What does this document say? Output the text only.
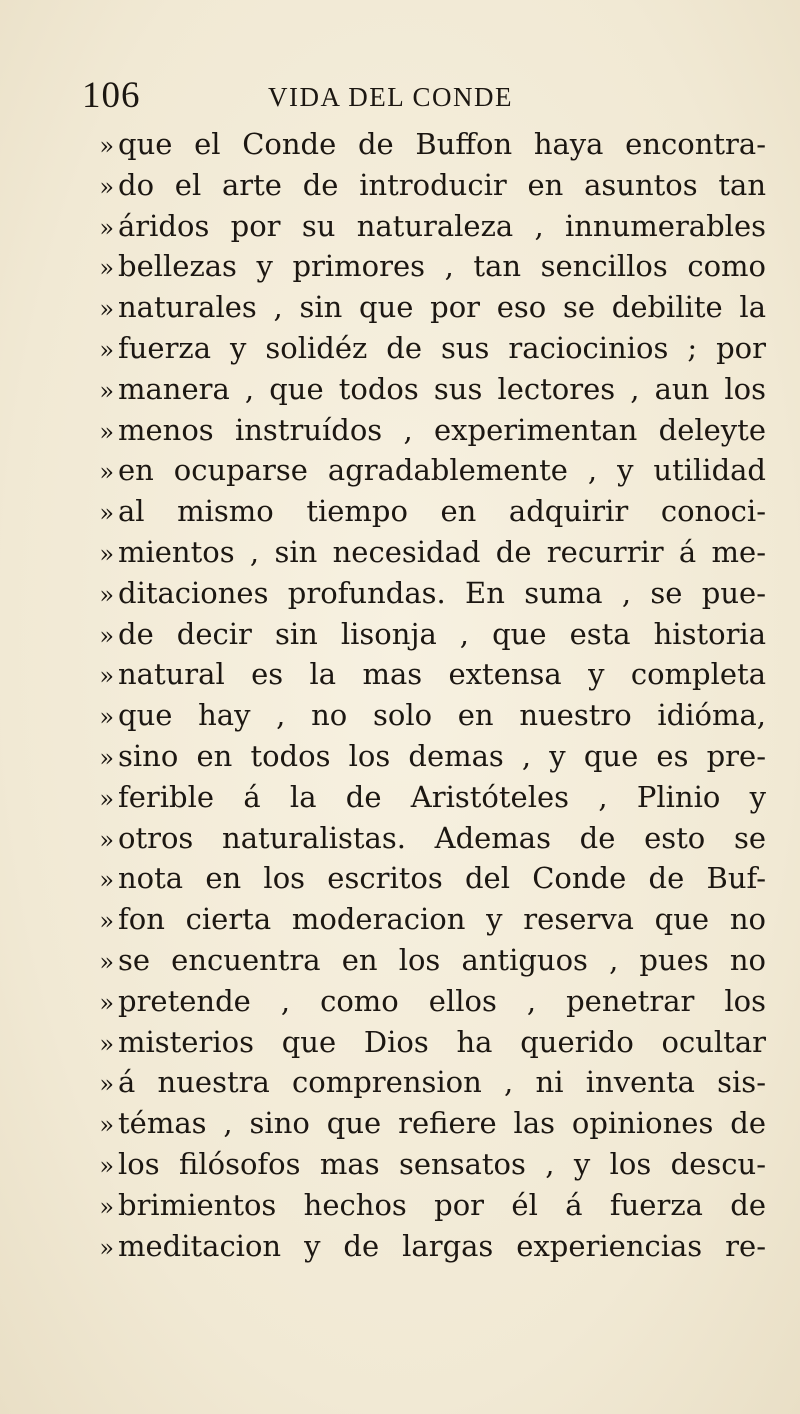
106	VIDA DEL CONDE
» que el Conde de Buffon haya encontra-
» do el arte de introducir en asuntos tan
» áridos por su naturaleza , innumerables
» bellezas y primores , tan sencillos como
» naturales , sin que por eso se debilite la
» fuerza y solidéz de sus raciocinios ; por
» manera , que todos sus lectores , aun los
» menos instruídos , experimentan deleyte
» en ocuparse agradablemente , y utilidad
» al mismo tiempo en adquirir conoci-
» mientos , sin necesidad de recurrir á me-
» ditaciones profundas. En suma , se pue-
» de decir sin lisonja , que esta historia
» natural es la mas extensa y completa
» que hay , no solo en nuestro idióma,
» sino en todos los demas , y que es pre-
» ferible á la de Aristóteles , Plinio y
» otros naturalistas. Ademas de esto se
» nota en los escritos del Conde de Buf-
» fon cierta moderacion y reserva que no
» se encuentra en los antiguos , pues no
» pretende , como ellos , penetrar los
» misterios que Dios ha querido ocultar
» á nuestra comprension , ni inventa sis-
» témas , sino que refiere las opiniones de
» los filósofos mas sensatos , y los descu-
» brimientos hechos por él á fuerza de
» meditacion y de largas experiencias re-
